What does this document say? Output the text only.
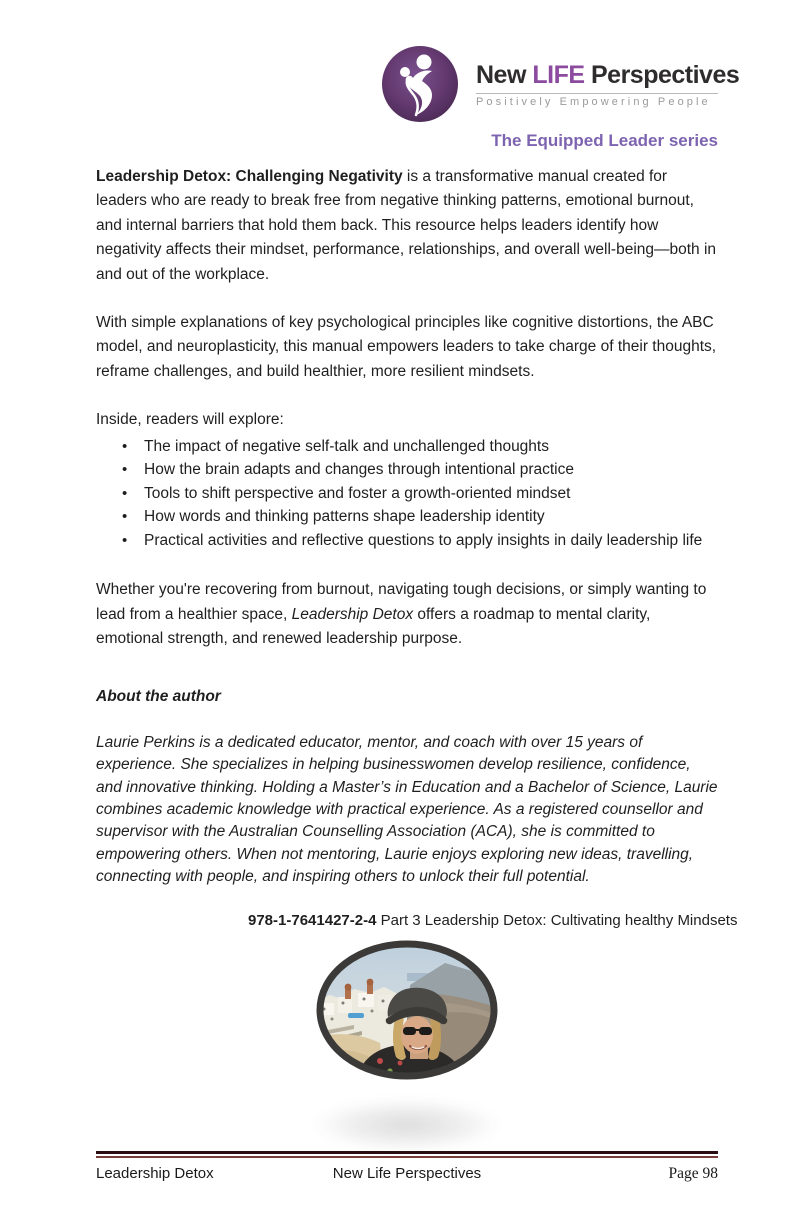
New LIFE Perspectives
Positively Empowering People
The Equipped Leader series

Leadership Detox: Challenging Negativity is a transformative manual created for leaders who are ready to break free from negative thinking patterns, emotional burnout, and internal barriers that hold them back. This resource helps leaders identify how negativity affects their mindset, performance, relationships, and overall well-being—both in and out of the workplace.

With simple explanations of key psychological principles like cognitive distortions, the ABC model, and neuroplasticity, this manual empowers leaders to take charge of their thoughts, reframe challenges, and build healthier, more resilient mindsets.

Inside, readers will explore:

• The impact of negative self-talk and unchallenged thoughts
• How the brain adapts and changes through intentional practice
• Tools to shift perspective and foster a growth-oriented mindset
• How words and thinking patterns shape leadership identity
• Practical activities and reflective questions to apply insights in daily leadership life

Whether you're recovering from burnout, navigating tough decisions, or simply wanting to lead from a healthier space, Leadership Detox offers a roadmap to mental clarity, emotional strength, and renewed leadership purpose.

About the author

Laurie Perkins is a dedicated educator, mentor, and coach with over 15 years of experience. She specializes in helping businesswomen develop resilience, confidence, and innovative thinking. Holding a Master’s in Education and a Bachelor of Science, Laurie combines academic knowledge with practical experience. As a registered counsellor and supervisor with the Australian Counselling Association (ACA), she is committed to empowering others. When not mentoring, Laurie enjoys exploring new ideas, travelling, connecting with people, and inspiring others to unlock their full potential.

978-1-7641427-2-4 Part 3 Leadership Detox: Cultivating healthy Mindsets

Leadership Detox	New Life Perspectives	Page 98
